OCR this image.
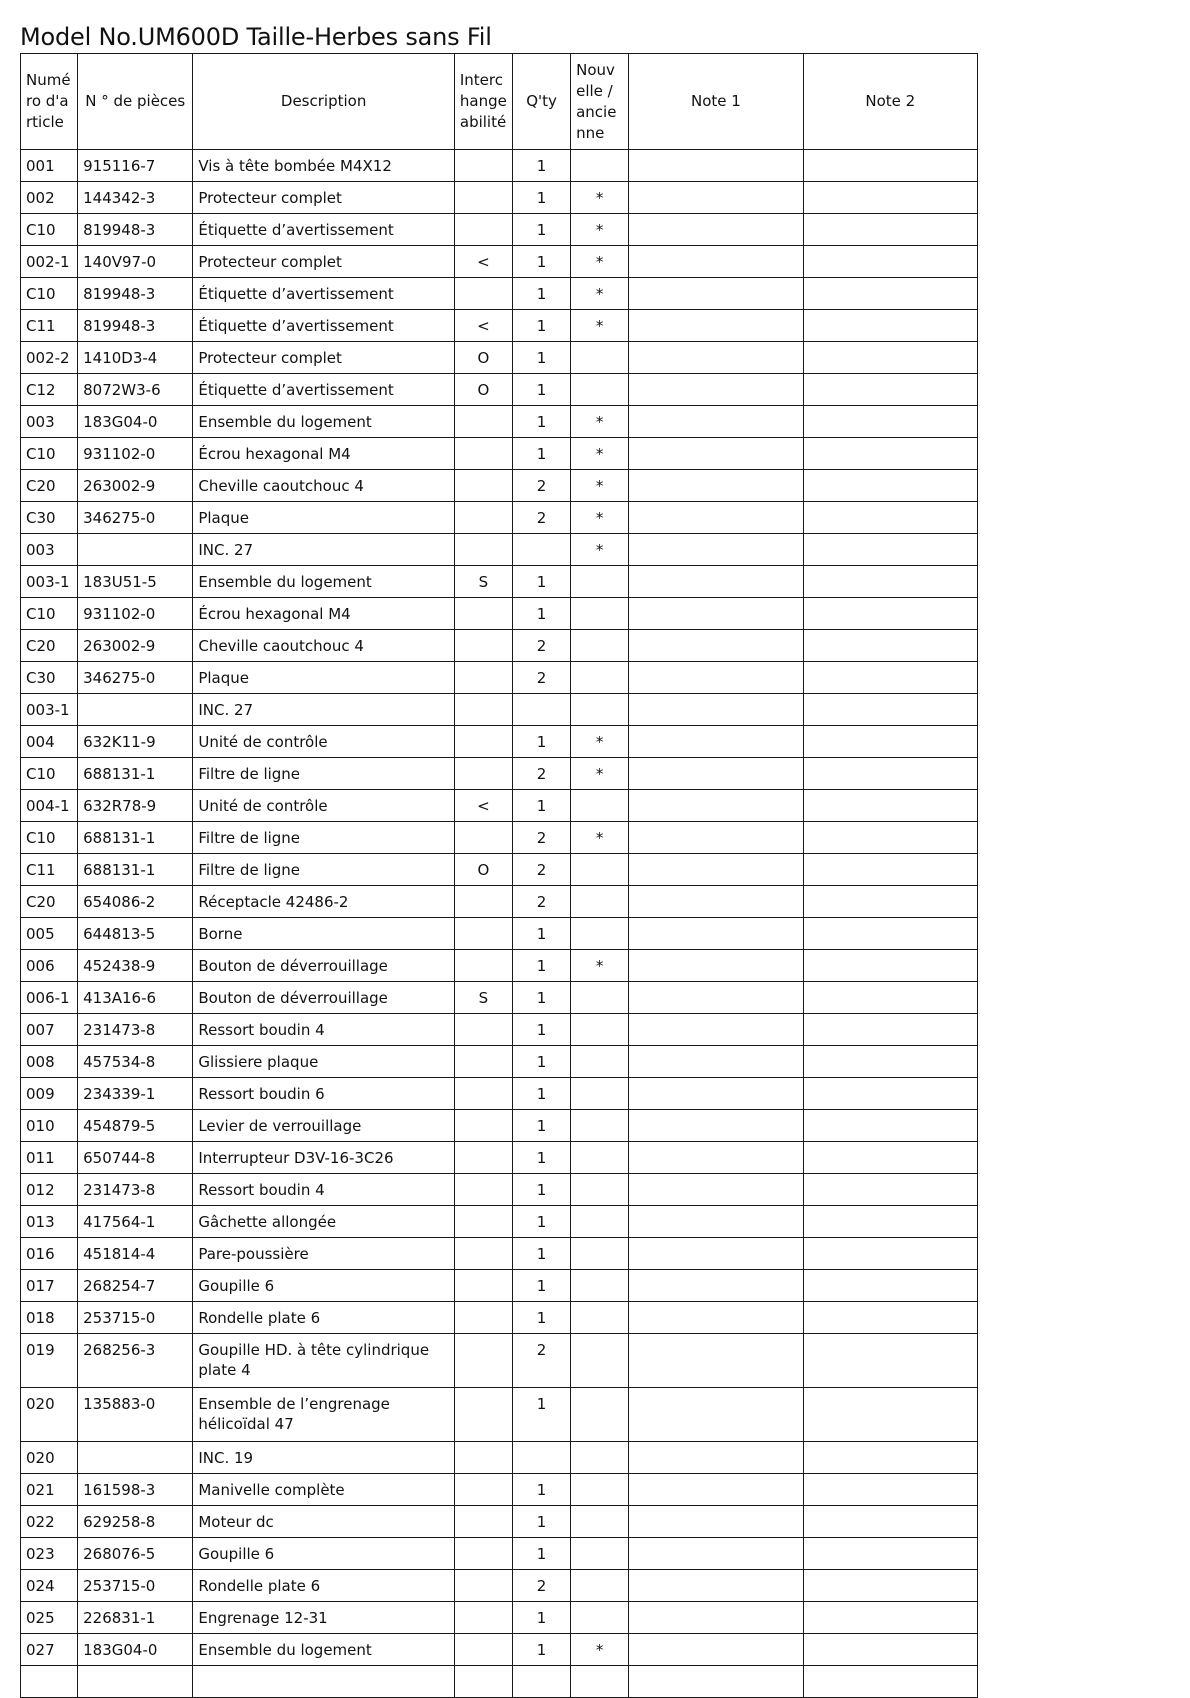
Model No.UM600D Taille-Herbes sans Fil
Numéro d'article	N ° de pièces	Description	Interchangeabilité	Q'ty	Nouvelle / ancienne	Note 1	Note 2
001	915116-7	Vis à tête bombée M4X12		1			
002	144342-3	Protecteur complet		1	*		
C10	819948-3	Étiquette d’avertissement		1	*		
002-1	140V97-0	Protecteur complet	<	1	*		
C10	819948-3	Étiquette d’avertissement		1	*		
C11	819948-3	Étiquette d’avertissement	<	1	*		
002-2	1410D3-4	Protecteur complet	O	1			
C12	8072W3-6	Étiquette d’avertissement	O	1			
003	183G04-0	Ensemble du logement		1	*		
C10	931102-0	Écrou hexagonal M4		1	*		
C20	263002-9	Cheville caoutchouc 4		2	*		
C30	346275-0	Plaque		2	*		
003		INC. 27			*		
003-1	183U51-5	Ensemble du logement	S	1			
C10	931102-0	Écrou hexagonal M4		1			
C20	263002-9	Cheville caoutchouc 4		2			
C30	346275-0	Plaque		2			
003-1		INC. 27					
004	632K11-9	Unité de contrôle		1	*		
C10	688131-1	Filtre de ligne		2	*		
004-1	632R78-9	Unité de contrôle	<	1			
C10	688131-1	Filtre de ligne		2	*		
C11	688131-1	Filtre de ligne	O	2			
C20	654086-2	Réceptacle 42486-2		2			
005	644813-5	Borne		1			
006	452438-9	Bouton de déverrouillage		1	*		
006-1	413A16-6	Bouton de déverrouillage	S	1			
007	231473-8	Ressort boudin 4		1			
008	457534-8	Glissiere plaque		1			
009	234339-1	Ressort boudin 6		1			
010	454879-5	Levier de verrouillage		1			
011	650744-8	Interrupteur D3V-16-3C26		1			
012	231473-8	Ressort boudin 4		1			
013	417564-1	Gâchette allongée		1			
016	451814-4	Pare-poussière		1			
017	268254-7	Goupille 6		1			
018	253715-0	Rondelle plate 6		1			
019	268256-3	Goupille HD. à tête cylindrique plate 4		2			
020	135883-0	Ensemble de l’engrenage hélicoïdal 47		1			
020		INC. 19					
021	161598-3	Manivelle complète		1			
022	629258-8	Moteur dc		1			
023	268076-5	Goupille 6		1			
024	253715-0	Rondelle plate 6		2			
025	226831-1	Engrenage 12-31		1			
027	183G04-0	Ensemble du logement		1	*		
